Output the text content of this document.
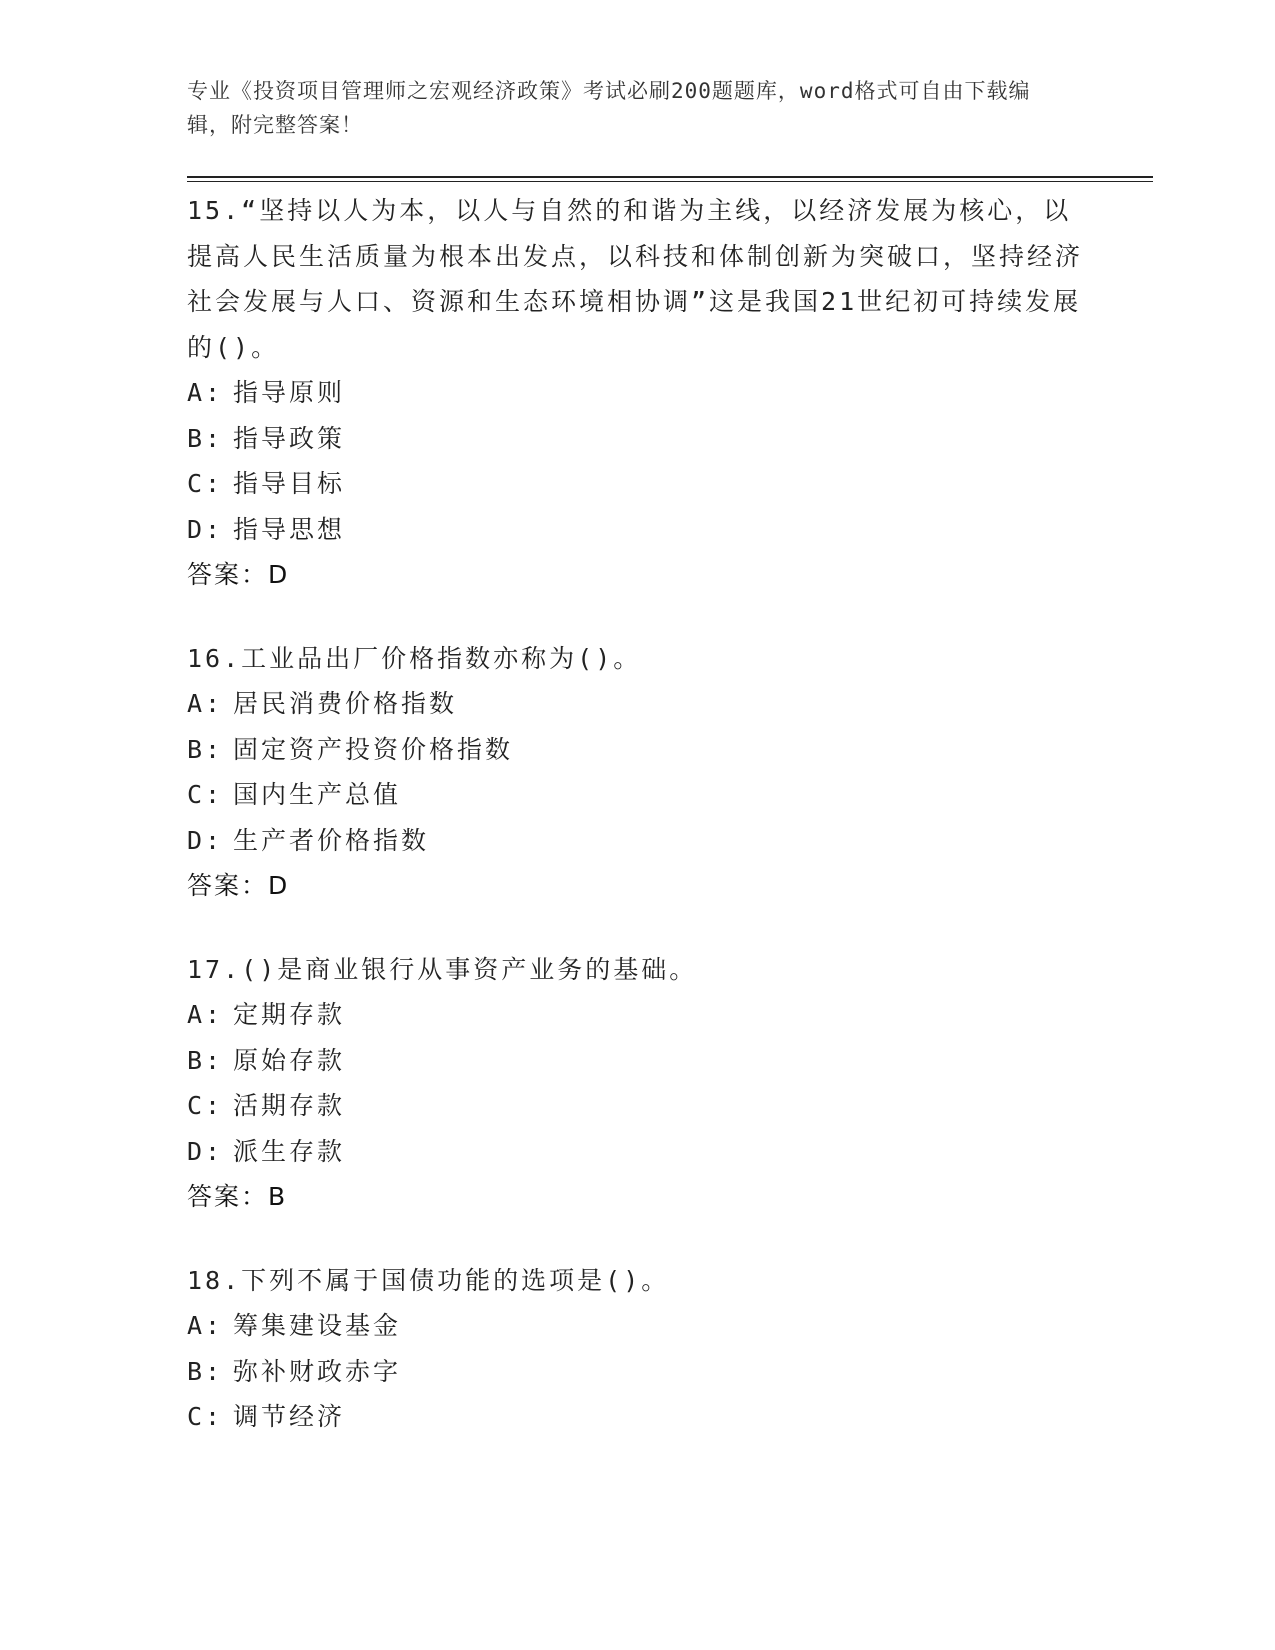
专业《投资项目管理师之宏观经济政策》考试必刷200题题库，word格式可自由下载编辑，附完整答案！
15.“坚持以人为本，以人与自然的和谐为主线，以经济发展为核心，以提高人民生活质量为根本出发点，以科技和体制创新为突破口，坚持经济社会发展与人口、资源和生态环境相协调”这是我国21世纪初可持续发展的()。
A: 指导原则
B: 指导政策
C: 指导目标
D: 指导思想
答案：D
16.工业品出厂价格指数亦称为()。
A: 居民消费价格指数
B: 固定资产投资价格指数
C: 国内生产总值
D: 生产者价格指数
答案：D
17.()是商业银行从事资产业务的基础。
A: 定期存款
B: 原始存款
C: 活期存款
D: 派生存款
答案：B
18.下列不属于国债功能的选项是()。
A: 筹集建设基金
B: 弥补财政赤字
C: 调节经济
